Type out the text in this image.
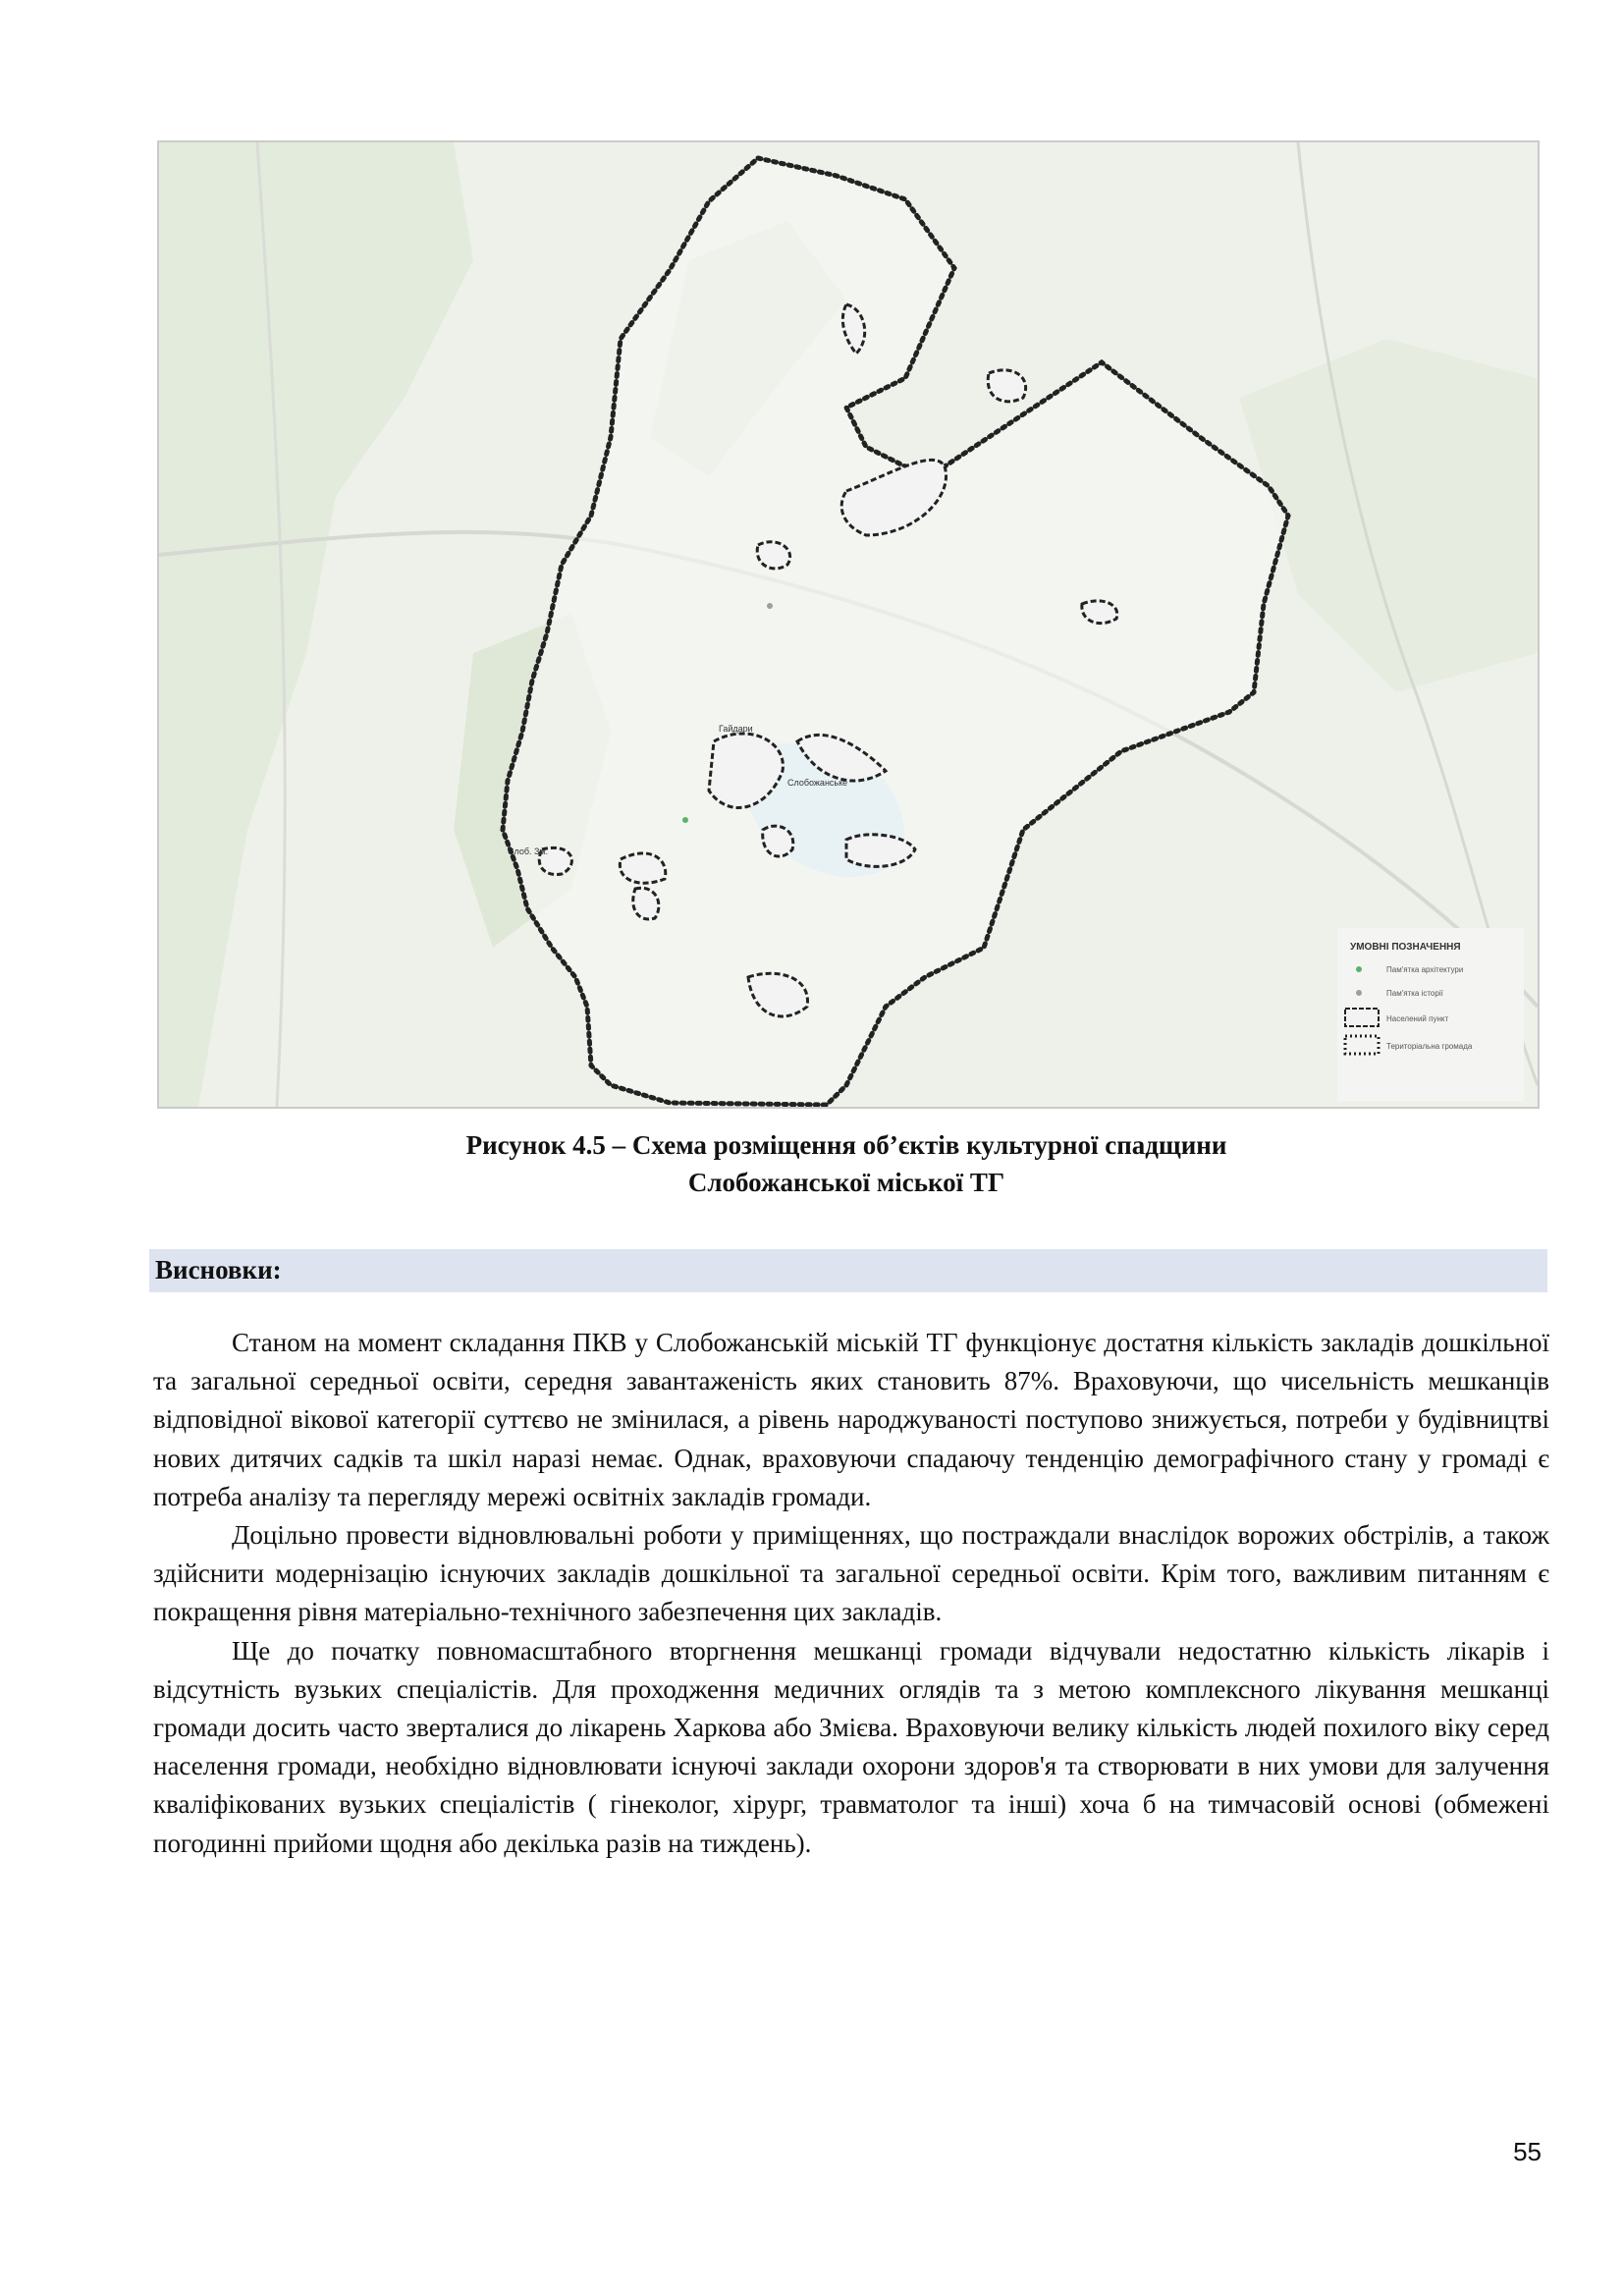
Слобожанське
Гайдари
Слоб. Зм.
УМОВНІ ПОЗНАЧЕННЯ
Пам'ятка архітектури
Пам'ятка історії
Населений пункт
Територіальна громада
Рисунок 4.5 – Схема розміщення об’єктів культурної спадщини
Слобожанської міської ТГ
Висновки:

Станом на момент складання ПКВ у Слобожанській міській ТГ функціонує достатня кількість закладів дошкільної та загальної середньої освіти, середня завантаженість яких становить 87%. Враховуючи, що чисельність мешканців відповідної вікової категорії суттєво не змінилася, а рівень народжуваності поступово знижується, потреби у будівництві нових дитячих садків та шкіл наразі немає. Однак, враховуючи спадаючу тенденцію демографічного стану у громаді є потреба аналізу та перегляду мережі освітніх закладів громади.

Доцільно провести відновлювальні роботи у приміщеннях, що постраждали внаслідок ворожих обстрілів, а також здійснити модернізацію існуючих закладів дошкільної та загальної середньої освіти. Крім того, важливим питанням є покращення рівня матеріально-технічного забезпечення цих закладів.

Ще до початку повномасштабного вторгнення мешканці громади відчували недостатню кількість лікарів і відсутність вузьких спеціалістів. Для проходження медичних оглядів та з метою комплексного лікування мешканці громади досить часто зверталися до лікарень Харкова або Змієва. Враховуючи велику кількість людей похилого віку серед населення громади, необхідно відновлювати існуючі заклади охорони здоров'я та створювати в них умови для залучення кваліфікованих вузьких спеціалістів ( гінеколог, хірург, травматолог та інші) хоча б на тимчасовій основі (обмежені погодинні прийоми щодня або декілька разів на тиждень).

55
